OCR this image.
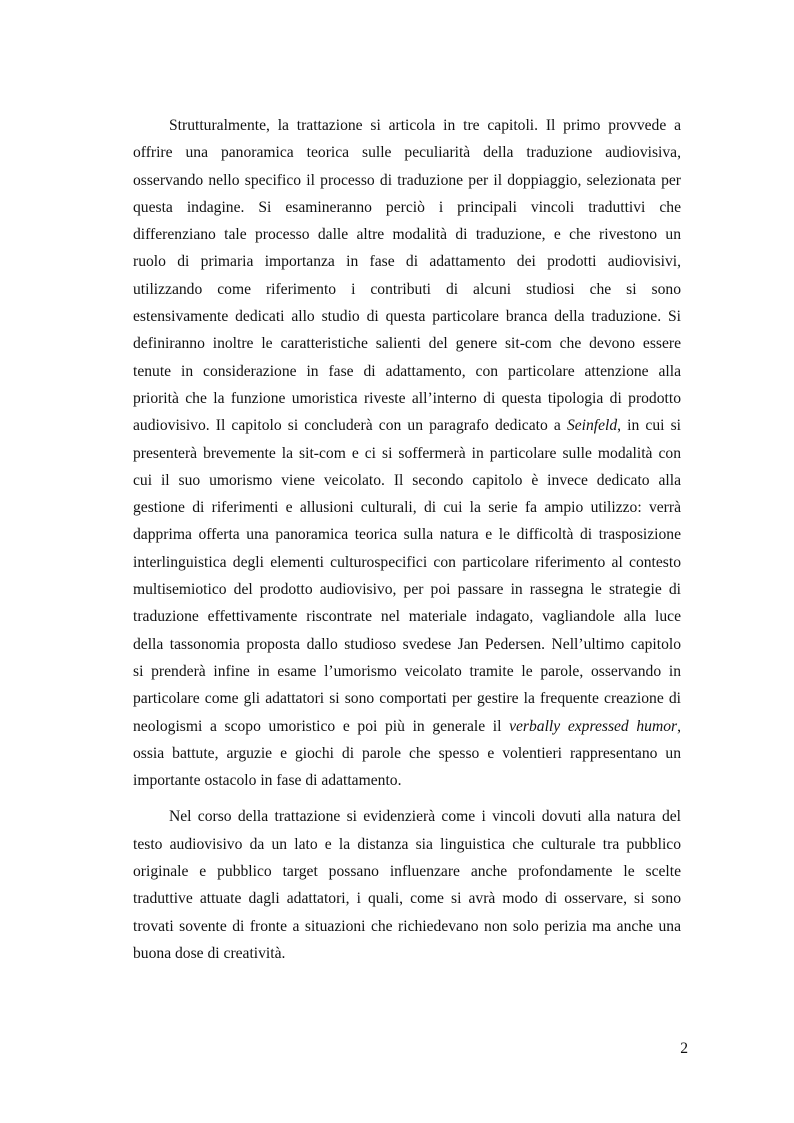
Strutturalmente, la trattazione si articola in tre capitoli. Il primo provvede a
offrire una panoramica teorica sulle peculiarità della traduzione audiovisiva,
osservando nello specifico il processo di traduzione per il doppiaggio, selezionata per
questa indagine. Si esamineranno perciò i principali vincoli traduttivi che
differenziano tale processo dalle altre modalità di traduzione, e che rivestono un
ruolo di primaria importanza in fase di adattamento dei prodotti audiovisivi,
utilizzando come riferimento i contributi di alcuni studiosi che si sono
estensivamente dedicati allo studio di questa particolare branca della traduzione. Si
definiranno inoltre le caratteristiche salienti del genere sit-com che devono essere
tenute in considerazione in fase di adattamento, con particolare attenzione alla
priorità che la funzione umoristica riveste all’interno di questa tipologia di prodotto
audiovisivo. Il capitolo si concluderà con un paragrafo dedicato a Seinfeld, in cui si
presenterà brevemente la sit-com e ci si soffermerà in particolare sulle modalità con
cui il suo umorismo viene veicolato. Il secondo capitolo è invece dedicato alla
gestione di riferimenti e allusioni culturali, di cui la serie fa ampio utilizzo: verrà
dapprima offerta una panoramica teorica sulla natura e le difficoltà di trasposizione
interlinguistica degli elementi culturospecifici con particolare riferimento al contesto
multisemiotico del prodotto audiovisivo, per poi passare in rassegna le strategie di
traduzione effettivamente riscontrate nel materiale indagato, vagliandole alla luce
della tassonomia proposta dallo studioso svedese Jan Pedersen. Nell’ultimo capitolo
si prenderà infine in esame l’umorismo veicolato tramite le parole, osservando in
particolare come gli adattatori si sono comportati per gestire la frequente creazione di
neologismi a scopo umoristico e poi più in generale il verbally expressed humor,
ossia battute, arguzie e giochi di parole che spesso e volentieri rappresentano un
importante ostacolo in fase di adattamento.

Nel corso della trattazione si evidenzierà come i vincoli dovuti alla natura del
testo audiovisivo da un lato e la distanza sia linguistica che culturale tra pubblico
originale e pubblico target possano influenzare anche profondamente le scelte
traduttive attuate dagli adattatori, i quali, come si avrà modo di osservare, si sono
trovati sovente di fronte a situazioni che richiedevano non solo perizia ma anche una
buona dose di creatività.

2
